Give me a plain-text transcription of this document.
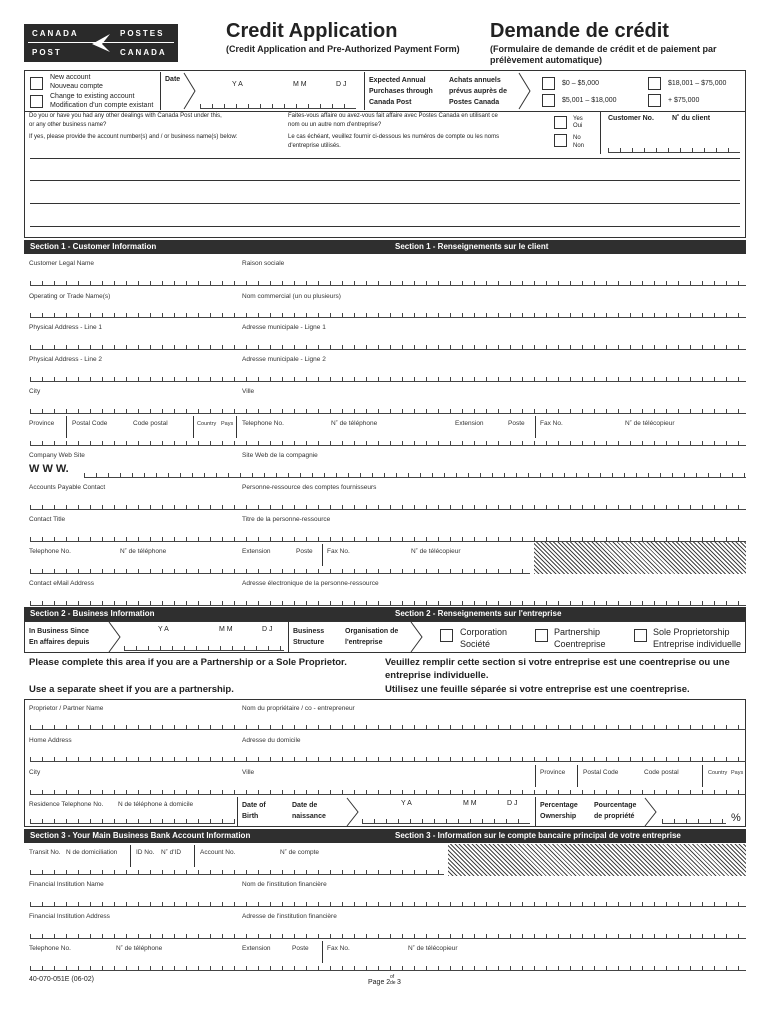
CANADA	POSTES
POST	CANADA
Credit Application
(Credit Application and Pre-Authorized Payment Form)
Demande de crédit
(Formulaire de demande de crédit et de paiement par
prélèvement automatique)
New account
Nouveau compte
Change to existing account
Modification d'un compte existant
Date
Y A	M M	D J
Expected Annual
Purchases through
Canada Post
Achats annuels
prévus auprès de
Postes Canada
$0 – $5,000	$18,001 – $75,000
$5,001 – $18,000	+ $75,000
Do you or have you had any other dealings with Canada Post under this,
or any other business name?
If yes, please provide the account number(s) and / or business name(s) below:
Faites-vous affaire ou avez-vous fait affaire avec Postes Canada en utilisant ce
nom ou un autre nom d'entreprise?
Le cas échéant, veuillez fournir ci-dessous les numéros de compte ou les noms
d'entreprise utilisés.
Yes
Oui
No
Non
Customer No.	N˚ du client
Section 1 - Customer Information	Section 1 - Renseignements sur le client
Customer Legal Name	Raison sociale
Operating or Trade Name(s)	Nom commercial (un ou plusieurs)
Physical Address - Line 1	Adresse municipale - Ligne 1
Physical Address - Line 2	Adresse municipale - Ligne 2
City	Ville
Province	Postal Code	Code postal	Country Pays Telephone No.	N˚ de téléphone	Extension	Poste Fax No.	N˚ de télécopieur
Company Web Site	Site Web de la compagnie
W W W.
Accounts Payable Contact	Personne-ressource des comptes fournisseurs
Contact Title	Titre de la personne-ressource
Telephone No.	N˚ de téléphone	Extension	Poste Fax No.	N˚ de télécopieur
Contact eMail Address	Adresse électronique de la personne-ressource
Section 2 - Business Information	Section 2 - Renseignements sur l'entreprise
In Business Since
En affaires depuis
Y A	M M	D J	Business
Structure
Organisation de
l'entreprise
Corporation
Société
Partnership
Coentreprise
Sole Proprietorship
Entreprise individuelle
Please complete this area if you are a Partnership or a Sole Proprietor.
Use a separate sheet if you are a partnership.
Veuillez remplir cette section si votre entreprise est une coentreprise ou une
entreprise individuelle.
Utilisez une feuille séparée si votre entreprise est une coentreprise.
Proprietor / Partner Name	Nom du propriétaire / co - entrepreneur
Home Address	Adresse du domicile
City	Ville	Province	Postal Code	Code postal	Country Pays
Residence Telephone No. N de téléphone à domicile	Date of
Birth
Date de
naissance
Y A	M M	D J	Percentage
Ownership
Pourcentage
de propriété	%
Section 3 - Your Main Business Bank Account Information	Section 3 - Information sur le compte bancaire principal de votre entreprise
Transit No. N de domiciliation	ID No. N˚ d'ID	Account No.	N˚ de compte
Financial Institution Name	Nom de l'institution financière
Financial Institution Address	Adresse de l'institution financière
Telephone No.	N˚ de téléphone	Extension	Poste	Fax No.	N˚ de télécopieur
40-070-051E (06-02)	Page 2
of
de 3
